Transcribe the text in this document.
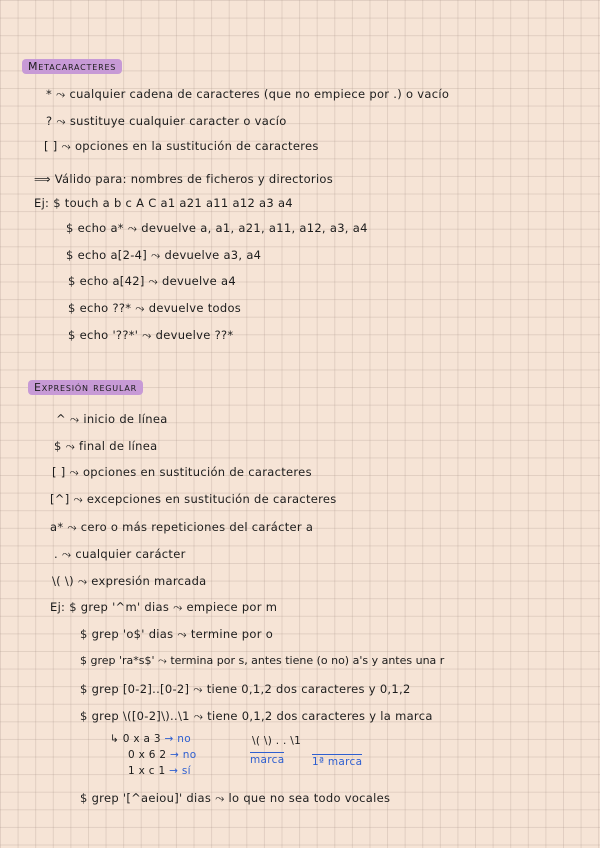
Metacaracteres
* ⤳ cualquier cadena de caracteres (que no empiece por .) o vacío
? ⤳ sustituye cualquier caracter o vacío
[ ] ⤳ opciones en la sustitución de caracteres
⟹ Válido para: nombres de ficheros y directorios
Ej: $ touch a b c A C a1 a21 a11 a12 a3 a4
$ echo a* ⤳ devuelve a, a1, a21, a11, a12, a3, a4
$ echo a[2-4] ⤳ devuelve a3, a4
$ echo a[42] ⤳ devuelve a4
$ echo ??* ⤳ devuelve todos
$ echo '??*' ⤳ devuelve ??*
Expresión regular
^ ⤳ inicio de línea
$ ⤳ final de línea
[ ] ⤳ opciones en sustitución de caracteres
[^] ⤳ excepciones en sustitución de caracteres
a* ⤳ cero o más repeticiones del carácter a
. ⤳ cualquier carácter
\( \) ⤳ expresión marcada
Ej: $ grep '^m' dias ⤳ empiece por m
$ grep 'o$' dias ⤳ termine por o
$ grep 'ra*s$' ⤳ termina por s, antes tiene (o no) a's y antes una r
$ grep [0-2]..[0-2] ⤳ tiene 0,1,2 dos caracteres y 0,1,2
$ grep \([0-2]\)..\1 ⤳ tiene 0,1,2 dos caracteres y la marca
↳ 0 x a 3 → no
0 x 6 2 → no
1 x c 1 → sí
\( \) . . \1
marca	1ª marca
$ grep '[^aeiou]' dias ⤳ lo que no sea todo vocales
